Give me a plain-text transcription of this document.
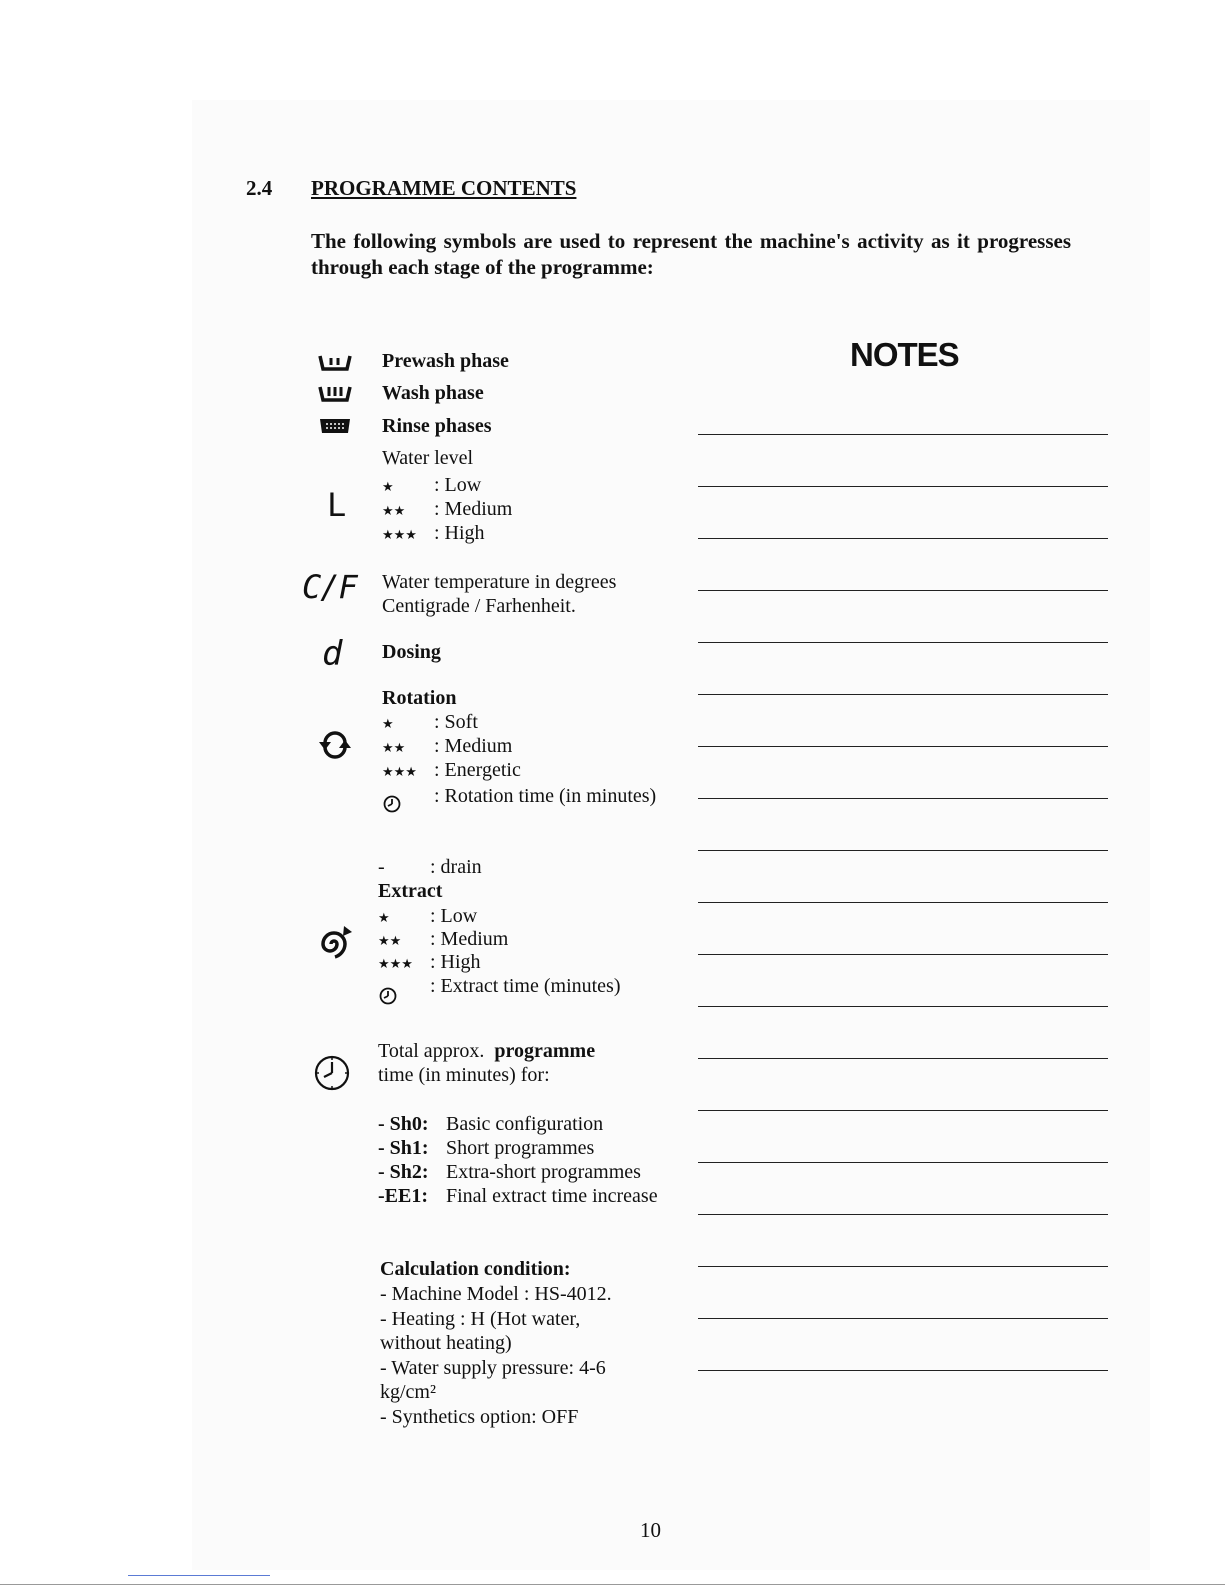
2.4 PROGRAMME CONTENTS
The following symbols are used to represent the machine's activity as it progresses through each stage of the programme:
NOTES
Prewash phase
Wash phase
Rinse phases
Water level
L	★ : Low
★★ : Medium
★★★ : High
C/F Water temperature in degrees
Centigrade / Farhenheit.
d Dosing
Rotation
★ : Soft
★★ : Medium
★★★ : Energetic
: Rotation time (in minutes)
- : drain
Extract
★ : Low
★★ : Medium
★★★ : High
: Extract time (minutes)
Total approx. programme
time (in minutes) for:
- Sh0: Basic configuration
- Sh1: Short programmes
- Sh2: Extra-short programmes
-EE1: Final extract time increase
Calculation condition:
- Machine Model : HS-4012.
- Heating : H (Hot water,
without heating)
- Water supply pressure: 4-6
kg/cm²
- Synthetics option: OFF
10
